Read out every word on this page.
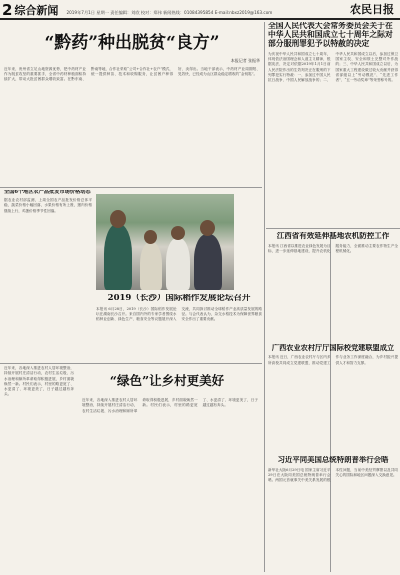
2 综合新闻 2019年7月1日 星期一 责任编辑：刘欣 校对：郑伟 新闻热线：01084395854 E-mail:nbxz2019@163.com	农民日报
“黔药”种出脱贫“良方”
本报记者 张振华
近年来，贵州省立足山地资源优势，把中药材产业作为脱贫攻坚的重要抓手，全省中药材种植面积持续扩大，带动大批贫困群众增收致富。在黔东南、黔南等地，合作社采取“公司+合作社+农户”模式，统一提供种苗、技术和收购服务，让贫困户种得好、卖得出。当地干部表示，中药材产业周期短、见效快，已经成为山区群众稳定增收的“金钥匙”。
全国人民代表大会常务委员会关于在中华人民共和国成立七十周年之际对部分服刑罪犯予以特赦的决定
为庆祝中华人民共和国成立七十周年，体现依法治国理念和人道主义精神，根据宪法，决定对依据2019年1月1日前人民法院作出的生效判决正在服刑的下列罪犯实行特赦：一、参加过中国人民抗日战争、中国人民解放战争的；二、中华人民共和国成立以后，参加过保卫国家主权、安全和领土完整对外作战的；三、中华人民共和国成立以后，为国家重大工程建设做过较大贡献并获得省部级以上“劳动模范”、“先进工作者”、“五一劳动奖章”等荣誉称号的。
全国6个地区农产品批发市场价格动态
据农业农村部监测，上周全国农产品批发价格总体平稳，蔬菜价格小幅回落，水果价格有所上涨，猪肉价格继续上行，鸡蛋价格季节性回落。
2019（长沙）国际稻作发展论坛召开
本报讯 6月28日，2019（长沙）国际稻作发展论坛在湖南长沙召开。来自国内外的专家学者围绕水稻种业创新、绿色生产、粮食安全等议题展开深入交流，共同探讨推动全球稻作产业高质量发展的路径。与会代表认为，杂交水稻技术为保障世界粮食安全作出了重要贡献。
近年来，各地深入推进农村人居环境整治，持续开展村庄清洁行动，农村生活垃圾、污水治理和厕所革命取得积极进展，乡村面貌焕然一新。村民们表示，村里的路更宽了、水更清了、环境更美了，日子越过越有奔头。
“绿色”让乡村更美好
近年来，各地深入推进农村人居环境整治，持续开展村庄清洁行动，农村生活垃圾、污水治理和厕所革命取得积极进展，乡村面貌焕然一新。村民们表示，村里的路更宽了、水更清了、环境更美了，日子越过越有奔头。
江西省有效延伸基地农机防控工作
本报讯 江西省以推进农业绿色发展为目标，进一步延伸基地建设，提升农机化服务能力，全面推动主要农作物生产全程机械化。
广西农业农村厅厅国际校党建联盟成立
本报讯 近日，广西农业农村厅与区内多所高校共同成立党建联盟，推动党建工作与业务工作深度融合，为乡村振兴提供人才和智力支撑。
习近平同美国总统特朗普举行会晤
新华社大阪6月29日电 国家主席习近平29日在大阪同美国总统特朗普举行会晤。两国元首就事关中美关系发展的根本性问题，当前中美经贸摩擦以及共同关心的国际和地区问题深入交换意见。
